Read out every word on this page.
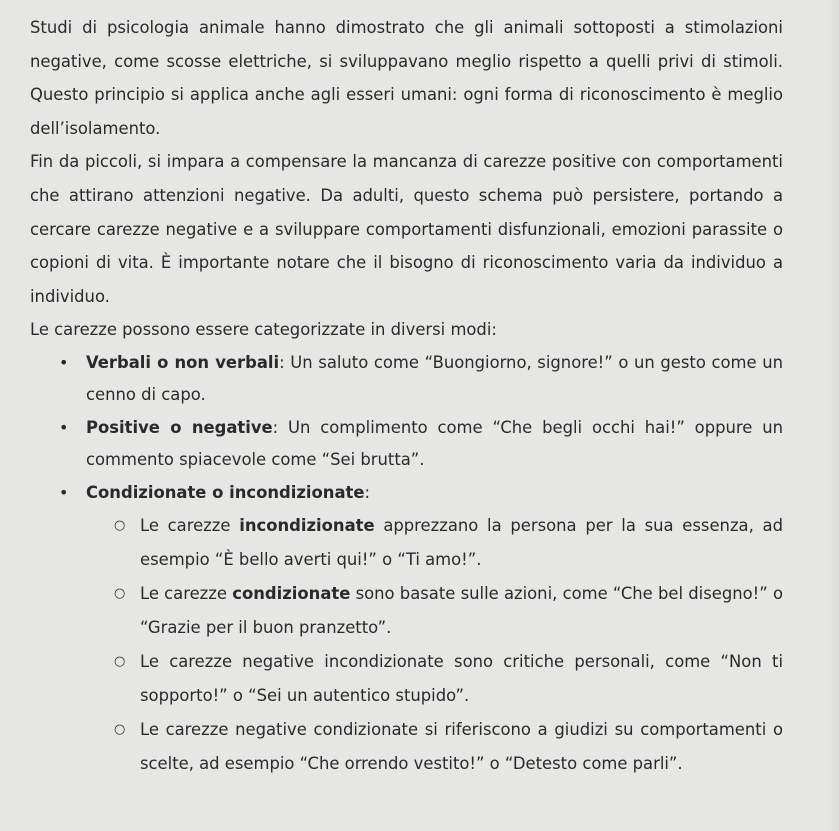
Studi di psicologia animale hanno dimostrato che gli animali sottoposti a stimolazioni negative, come scosse elettriche, si sviluppavano meglio rispetto a quelli privi di stimoli. Questo principio si applica anche agli esseri umani: ogni forma di riconoscimento è meglio dell’isolamento.

Fin da piccoli, si impara a compensare la mancanza di carezze positive con comportamenti che attirano attenzioni negative. Da adulti, questo schema può persistere, portando a cercare carezze negative e a sviluppare comportamenti disfunzionali, emozioni parassite o copioni di vita. È importante notare che il bisogno di riconoscimento varia da individuo a individuo.

Le carezze possono essere categorizzate in diversi modi:

• Verbali o non verbali: Un saluto come “Buongiorno, signore!” o un gesto come un cenno di capo.
• Positive o negative: Un complimento come “Che begli occhi hai!” oppure un commento spiacevole come “Sei brutta”.
• Condizionate o incondizionate:
○ Le carezze incondizionate apprezzano la persona per la sua essenza, ad esempio “È bello averti qui!” o “Ti amo!”.
○ Le carezze condizionate sono basate sulle azioni, come “Che bel disegno!” o “Grazie per il buon pranzetto”.
○ Le carezze negative incondizionate sono critiche personali, come “Non ti sopporto!” o “Sei un autentico stupido”.
○ Le carezze negative condizionate si riferiscono a giudizi su comportamenti o scelte, ad esempio “Che orrendo vestito!” o “Detesto come parli”.
